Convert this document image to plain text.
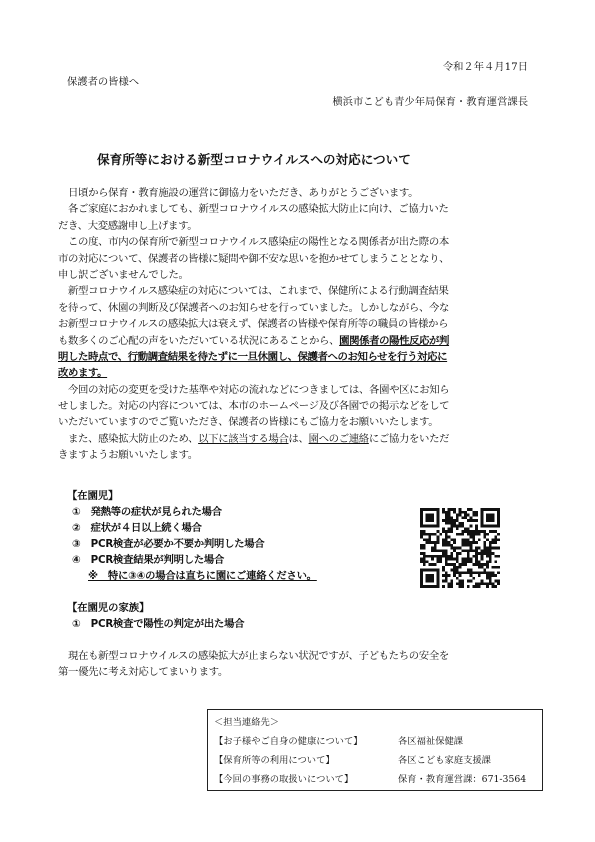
令和２年４月17日
保護者の皆様へ
横浜市こども青少年局保育・教育運営課長
保育所等における新型コロナウイルスへの対応について
日頃から保育・教育施設の運営に御協力をいただき、ありがとうございます。
各ご家庭におかれましても、新型コロナウイルスの感染拡大防止に向け、ご協力いた
だき、大変感謝申し上げます。
この度、市内の保育所で新型コロナウイルス感染症の陽性となる関係者が出た際の本
市の対応について、保護者の皆様に疑問や御不安な思いを抱かせてしまうこととなり、
申し訳ございませんでした。
新型コロナウイルス感染症の対応については、これまで、保健所による行動調査結果
を待って、休園の判断及び保護者へのお知らせを行っていました。しかしながら、今な
お新型コロナウイルスの感染拡大は衰えず、保護者の皆様や保育所等の職員の皆様から
も数多くのご心配の声をいただいている状況にあることから、園関係者の陽性反応が判
明した時点で、行動調査結果を待たずに一旦休園し、保護者へのお知らせを行う対応に
改めます。
今回の対応の変更を受けた基準や対応の流れなどにつきましては、各園や区にお知ら
せしました。対応の内容については、本市のホームページ及び各園での掲示などをして
いただいていますのでご覧いただき、保護者の皆様にもご協力をお願いいたします。
また、感染拡大防止のため、以下に該当する場合は、園へのご連絡にご協力をいただ
きますようお願いいたします。
【在園児】
①　発熱等の症状が見られた場合
②　症状が４日以上続く場合
③　PCR検査が必要か不要か判明した場合
④　PCR検査結果が判明した場合
※　特に③④の場合は直ちに園にご連絡ください。
【在園児の家族】
①　PCR検査で陽性の判定が出た場合
現在も新型コロナウイルスの感染拡大が止まらない状況ですが、子どもたちの安全を
第一優先に考え対応してまいります。
＜担当連絡先＞
【お子様やご自身の健康について】	各区福祉保健課
【保育所等の利用について】	各区こども家庭支援課
【今回の事務の取扱いについて】	保育・教育運営課：671-3564
